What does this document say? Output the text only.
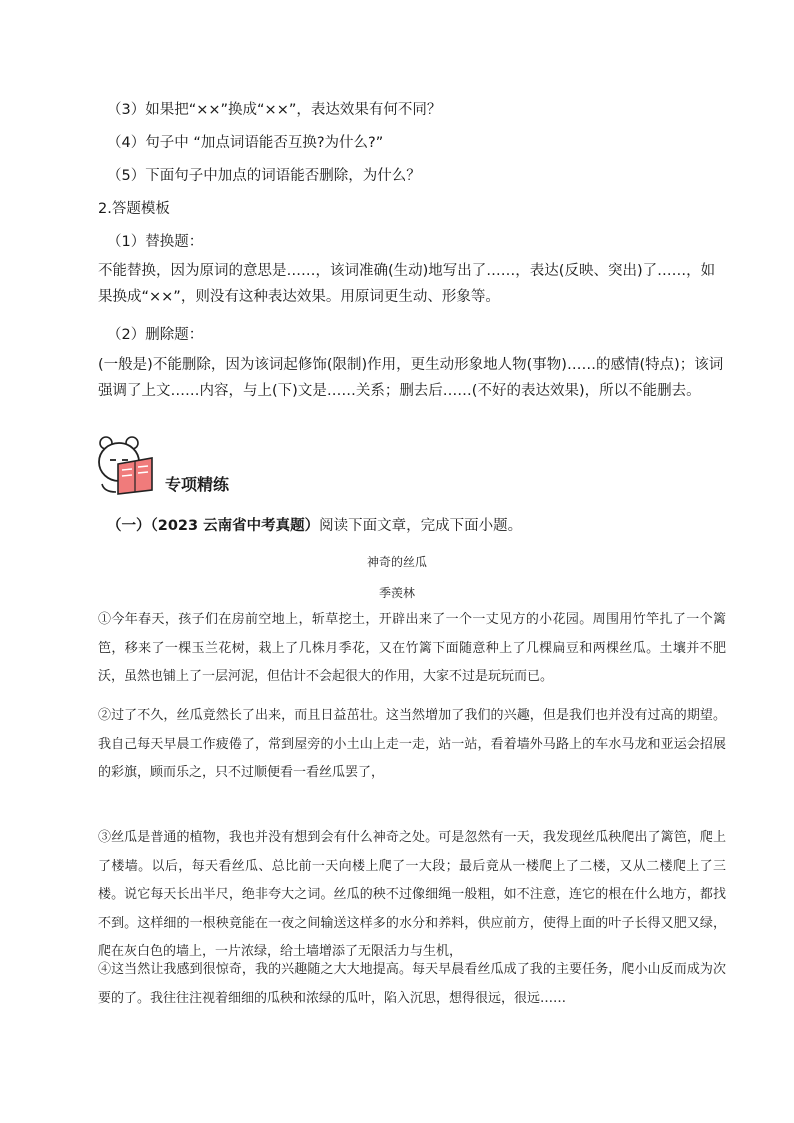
（3）如果把“××”换成“××”，表达效果有何不同？
（4）句子中 “加点词语能否互换?为什么?”
（5）下面句子中加点的词语能否删除，为什么？
2.答题模板
（1）替换题：
不能替换，因为原词的意思是……，该词准确(生动)地写出了……，表达(反映、突出)了……，如果换成“××”，则没有这种表达效果。用原词更生动、形象等。
（2）删除题：
(一般是)不能删除，因为该词起修饰(限制)作用，更生动形象地人物(事物)……的感情(特点)；该词强调了上文……内容，与上(下)文是……关系；删去后……(不好的表达效果)，所以不能删去。
专项精练
（一）（2023 云南省中考真题）阅读下面文章，完成下面小题。
神奇的丝瓜
季羡林
①今年春天，孩子们在房前空地上，斩草挖土，开辟出来了一个一丈见方的小花园。周围用竹竿扎了一个篱笆，移来了一棵玉兰花树，栽上了几株月季花，又在竹篱下面随意种上了几棵扁豆和两棵丝瓜。土壤并不肥沃，虽然也铺上了一层河泥，但估计不会起很大的作用，大家不过是玩玩而已。
②过了不久，丝瓜竟然长了出来，而且日益茁壮。这当然增加了我们的兴趣，但是我们也并没有过高的期望。我自己每天早晨工作疲倦了，常到屋旁的小土山上走一走，站一站，看着墙外马路上的车水马龙和亚运会招展的彩旗，顾而乐之，只不过顺便看一看丝瓜罢了，
③丝瓜是普通的植物，我也并没有想到会有什么神奇之处。可是忽然有一天，我发现丝瓜秧爬出了篱笆，爬上了楼墙。以后，每天看丝瓜、总比前一天向楼上爬了一大段；最后竟从一楼爬上了二楼，又从二楼爬上了三楼。说它每天长出半尺，绝非夸大之词。丝瓜的秧不过像细绳一般粗，如不注意，连它的根在什么地方，都找不到。这样细的一根秧竟能在一夜之间输送这样多的水分和养料，供应前方，使得上面的叶子长得又肥又绿，爬在灰白色的墙上，一片浓绿，给土墙增添了无限活力与生机，
④这当然让我感到很惊奇，我的兴趣随之大大地提高。每天早晨看丝瓜成了我的主要任务，爬小山反而成为次要的了。我往往注视着细细的瓜秧和浓绿的瓜叶，陷入沉思，想得很远，很远……
